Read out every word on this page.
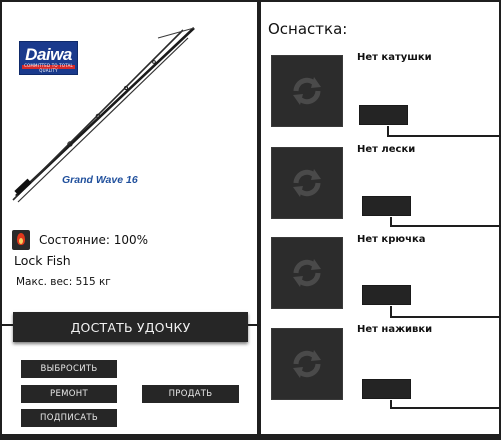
Daiwa
COMMITTED TO TOTAL QUALITY
Grand Wave 16
Состояние: 100%
Lock Fish
Макс. вес: 515 кг
ДОСТАТЬ УДОЧКУ
ВЫБРОСИТЬ
РЕМОНТ	ПРОДАТЬ
ПОДПИСАТЬ
Оснастка:
Нет катушки
Нет лески
Нет крючка
Нет наживки
